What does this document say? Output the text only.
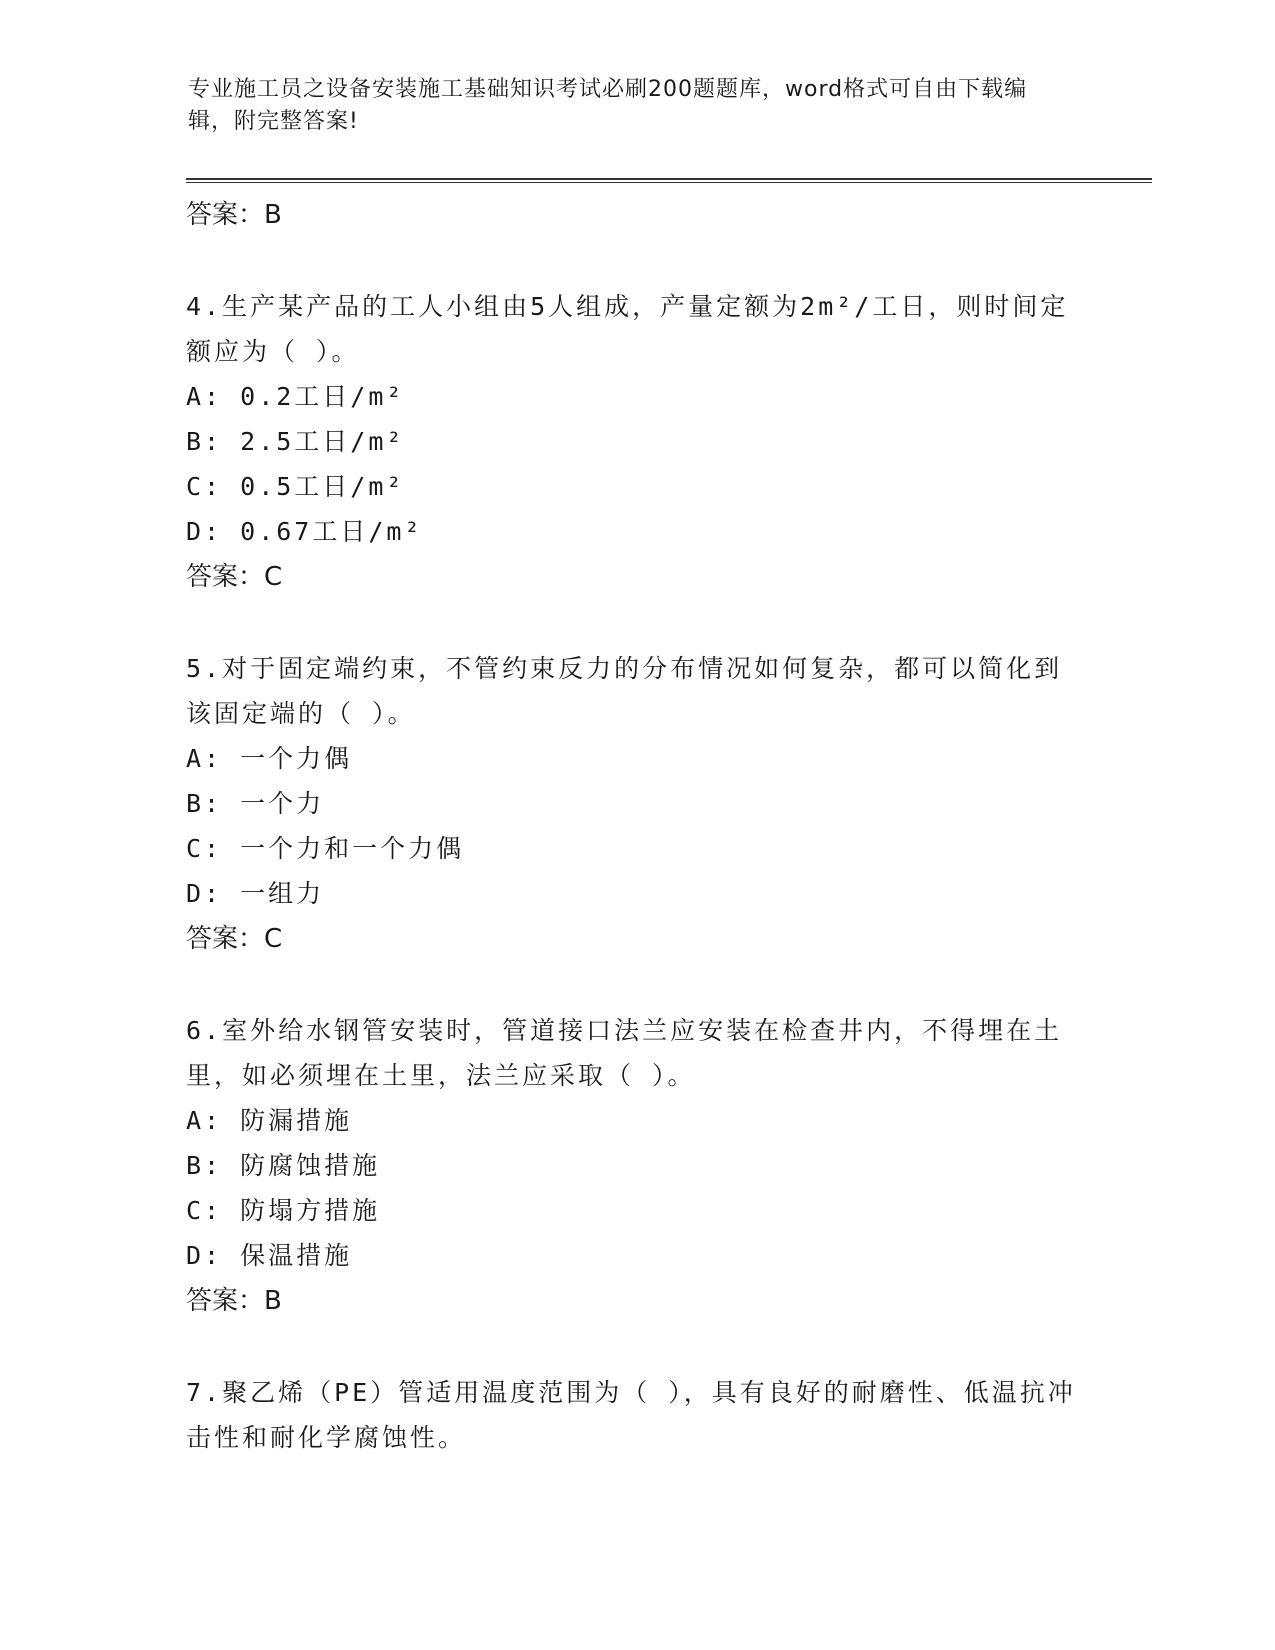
专业施工员之设备安装施工基础知识考试必刷200题题库，word格式可自由下载编辑，附完整答案!
答案：B
4.生产某产品的工人小组由5人组成，产量定额为2m²/工日，则时间定额应为（ ）。
A: 0.2工日/m²
B: 2.5工日/m²
C: 0.5工日/m²
D: 0.67工日/m²
答案：C
5.对于固定端约束，不管约束反力的分布情况如何复杂，都可以简化到该固定端的（ ）。
A: 一个力偶
B: 一个力
C: 一个力和一个力偶
D: 一组力
答案：C
6.室外给水钢管安装时，管道接口法兰应安装在检查井内，不得埋在土里，如必须埋在土里，法兰应采取（ ）。
A: 防漏措施
B: 防腐蚀措施
C: 防塌方措施
D: 保温措施
答案：B
7.聚乙烯（PE）管适用温度范围为（ ），具有良好的耐磨性、低温抗冲击性和耐化学腐蚀性。
